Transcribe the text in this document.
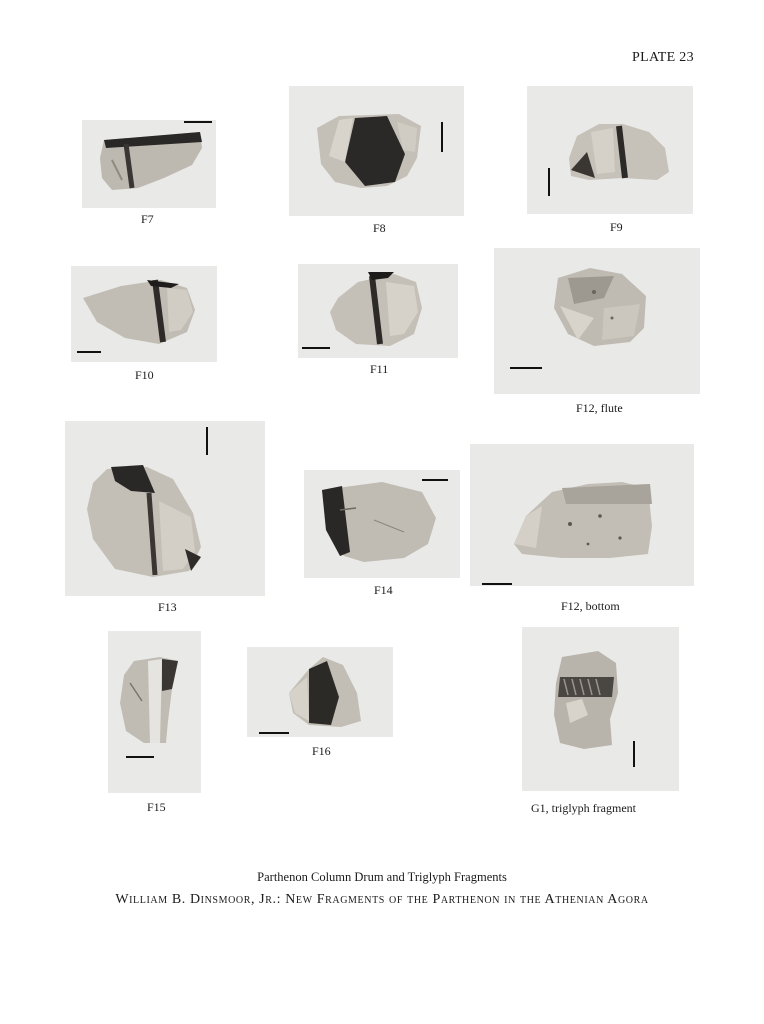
PLATE 23
F7
F8	F9
F10	F11
F12, flute
F13
F14
F12, bottom
F15
F16
G1, triglyph fragment
Parthenon Column Drum and Triglyph Fragments
William B. Dinsmoor, Jr.: New Fragments of the Parthenon in the Athenian Agora
